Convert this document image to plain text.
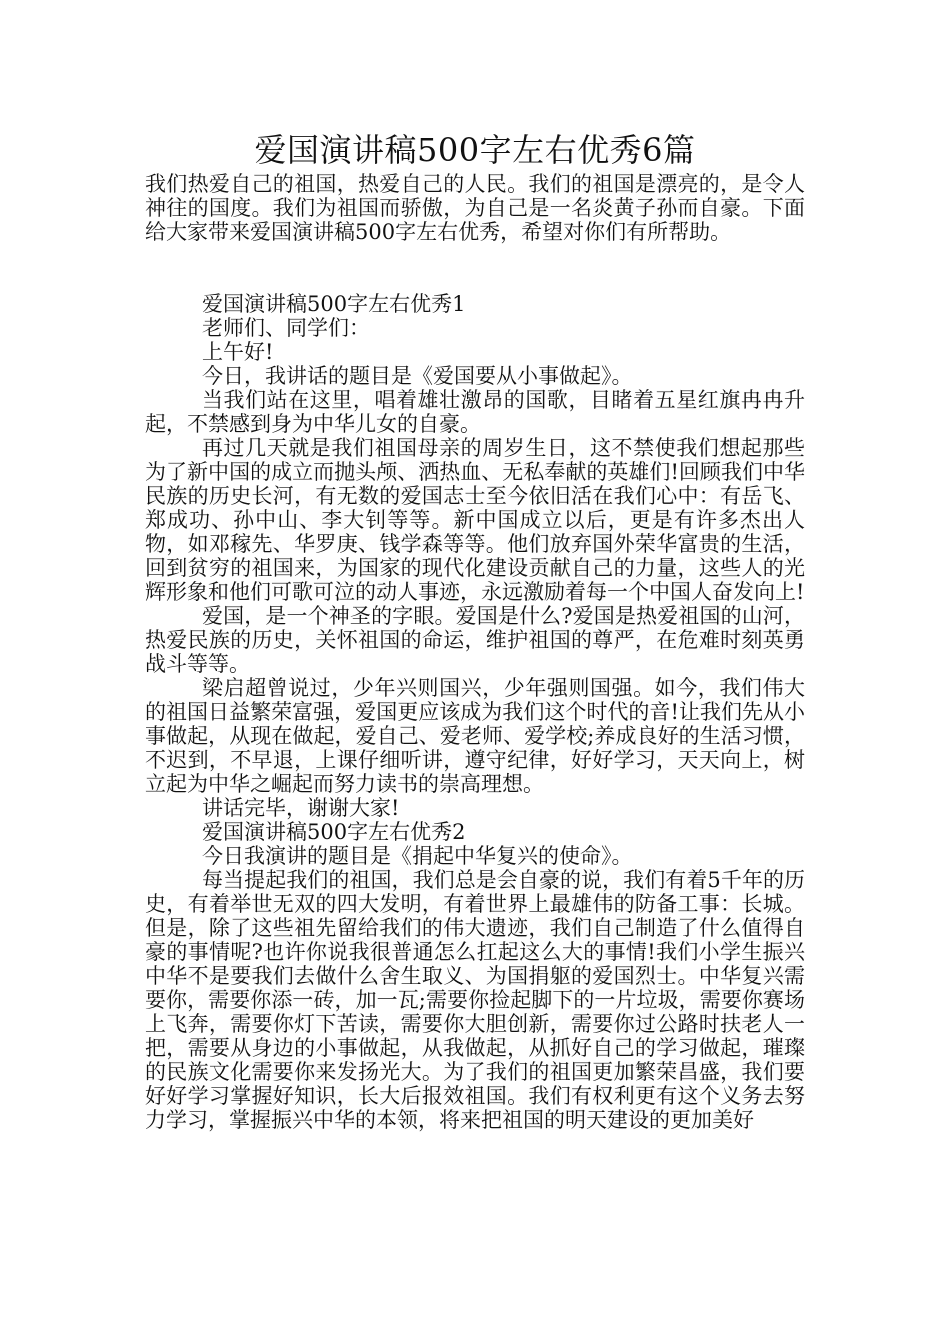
爱国演讲稿500字左右优秀6篇

我们热爱自己的祖国，热爱自己的人民。我们的祖国是漂亮的，是令人神往的国度。我们为祖国而骄傲，为自己是一名炎黄子孙而自豪。下面给大家带来爱国演讲稿500字左右优秀，希望对你们有所帮助。

爱国演讲稿500字左右优秀1

老师们、同学们：

上午好!

今日，我讲话的题目是《爱国要从小事做起》。

当我们站在这里，唱着雄壮激昂的国歌，目睹着五星红旗冉冉升起，不禁感到身为中华儿女的自豪。

再过几天就是我们祖国母亲的周岁生日，这不禁使我们想起那些为了新中国的成立而抛头颅、洒热血、无私奉献的英雄们!回顾我们中华民族的历史长河，有无数的爱国志士至今依旧活在我们心中：有岳飞、郑成功、孙中山、李大钊等等。新中国成立以后，更是有许多杰出人物，如邓稼先、华罗庚、钱学森等等。他们放弃国外荣华富贵的生活，回到贫穷的祖国来，为国家的现代化建设贡献自己的力量，这些人的光辉形象和他们可歌可泣的动人事迹，永远激励着每一个中国人奋发向上!

爱国，是一个神圣的字眼。爱国是什么?爱国是热爱祖国的山河，热爱民族的历史，关怀祖国的命运，维护祖国的尊严，在危难时刻英勇战斗等等。

梁启超曾说过，少年兴则国兴，少年强则国强。如今，我们伟大的祖国日益繁荣富强，爱国更应该成为我们这个时代的音!让我们先从小事做起，从现在做起，爱自己、爱老师、爱学校;养成良好的生活习惯，不迟到，不早退，上课仔细听讲，遵守纪律，好好学习，天天向上，树立起为中华之崛起而努力读书的崇高理想。

讲话完毕，谢谢大家!

爱国演讲稿500字左右优秀2

今日我演讲的题目是《捐起中华复兴的使命》。

每当提起我们的祖国，我们总是会自豪的说，我们有着5千年的历史，有着举世无双的四大发明，有着世界上最雄伟的防备工事：长城。但是，除了这些祖先留给我们的伟大遗迹，我们自己制造了什么值得自豪的事情呢?也许你说我很普通怎么扛起这么大的事情!我们小学生振兴中华不是要我们去做什么舍生取义、为国捐躯的爱国烈士。中华复兴需要你，需要你添一砖，加一瓦;需要你捡起脚下的一片垃圾，需要你赛场上飞奔，需要你灯下苦读，需要你大胆创新，需要你过公路时扶老人一把，需要从身边的小事做起，从我做起，从抓好自己的学习做起，璀璨的民族文化需要你来发扬光大。为了我们的祖国更加繁荣昌盛，我们要好好学习掌握好知识，长大后报效祖国。我们有权利更有这个义务去努力学习，掌握振兴中华的本领，将来把祖国的明天建设的更加美好
